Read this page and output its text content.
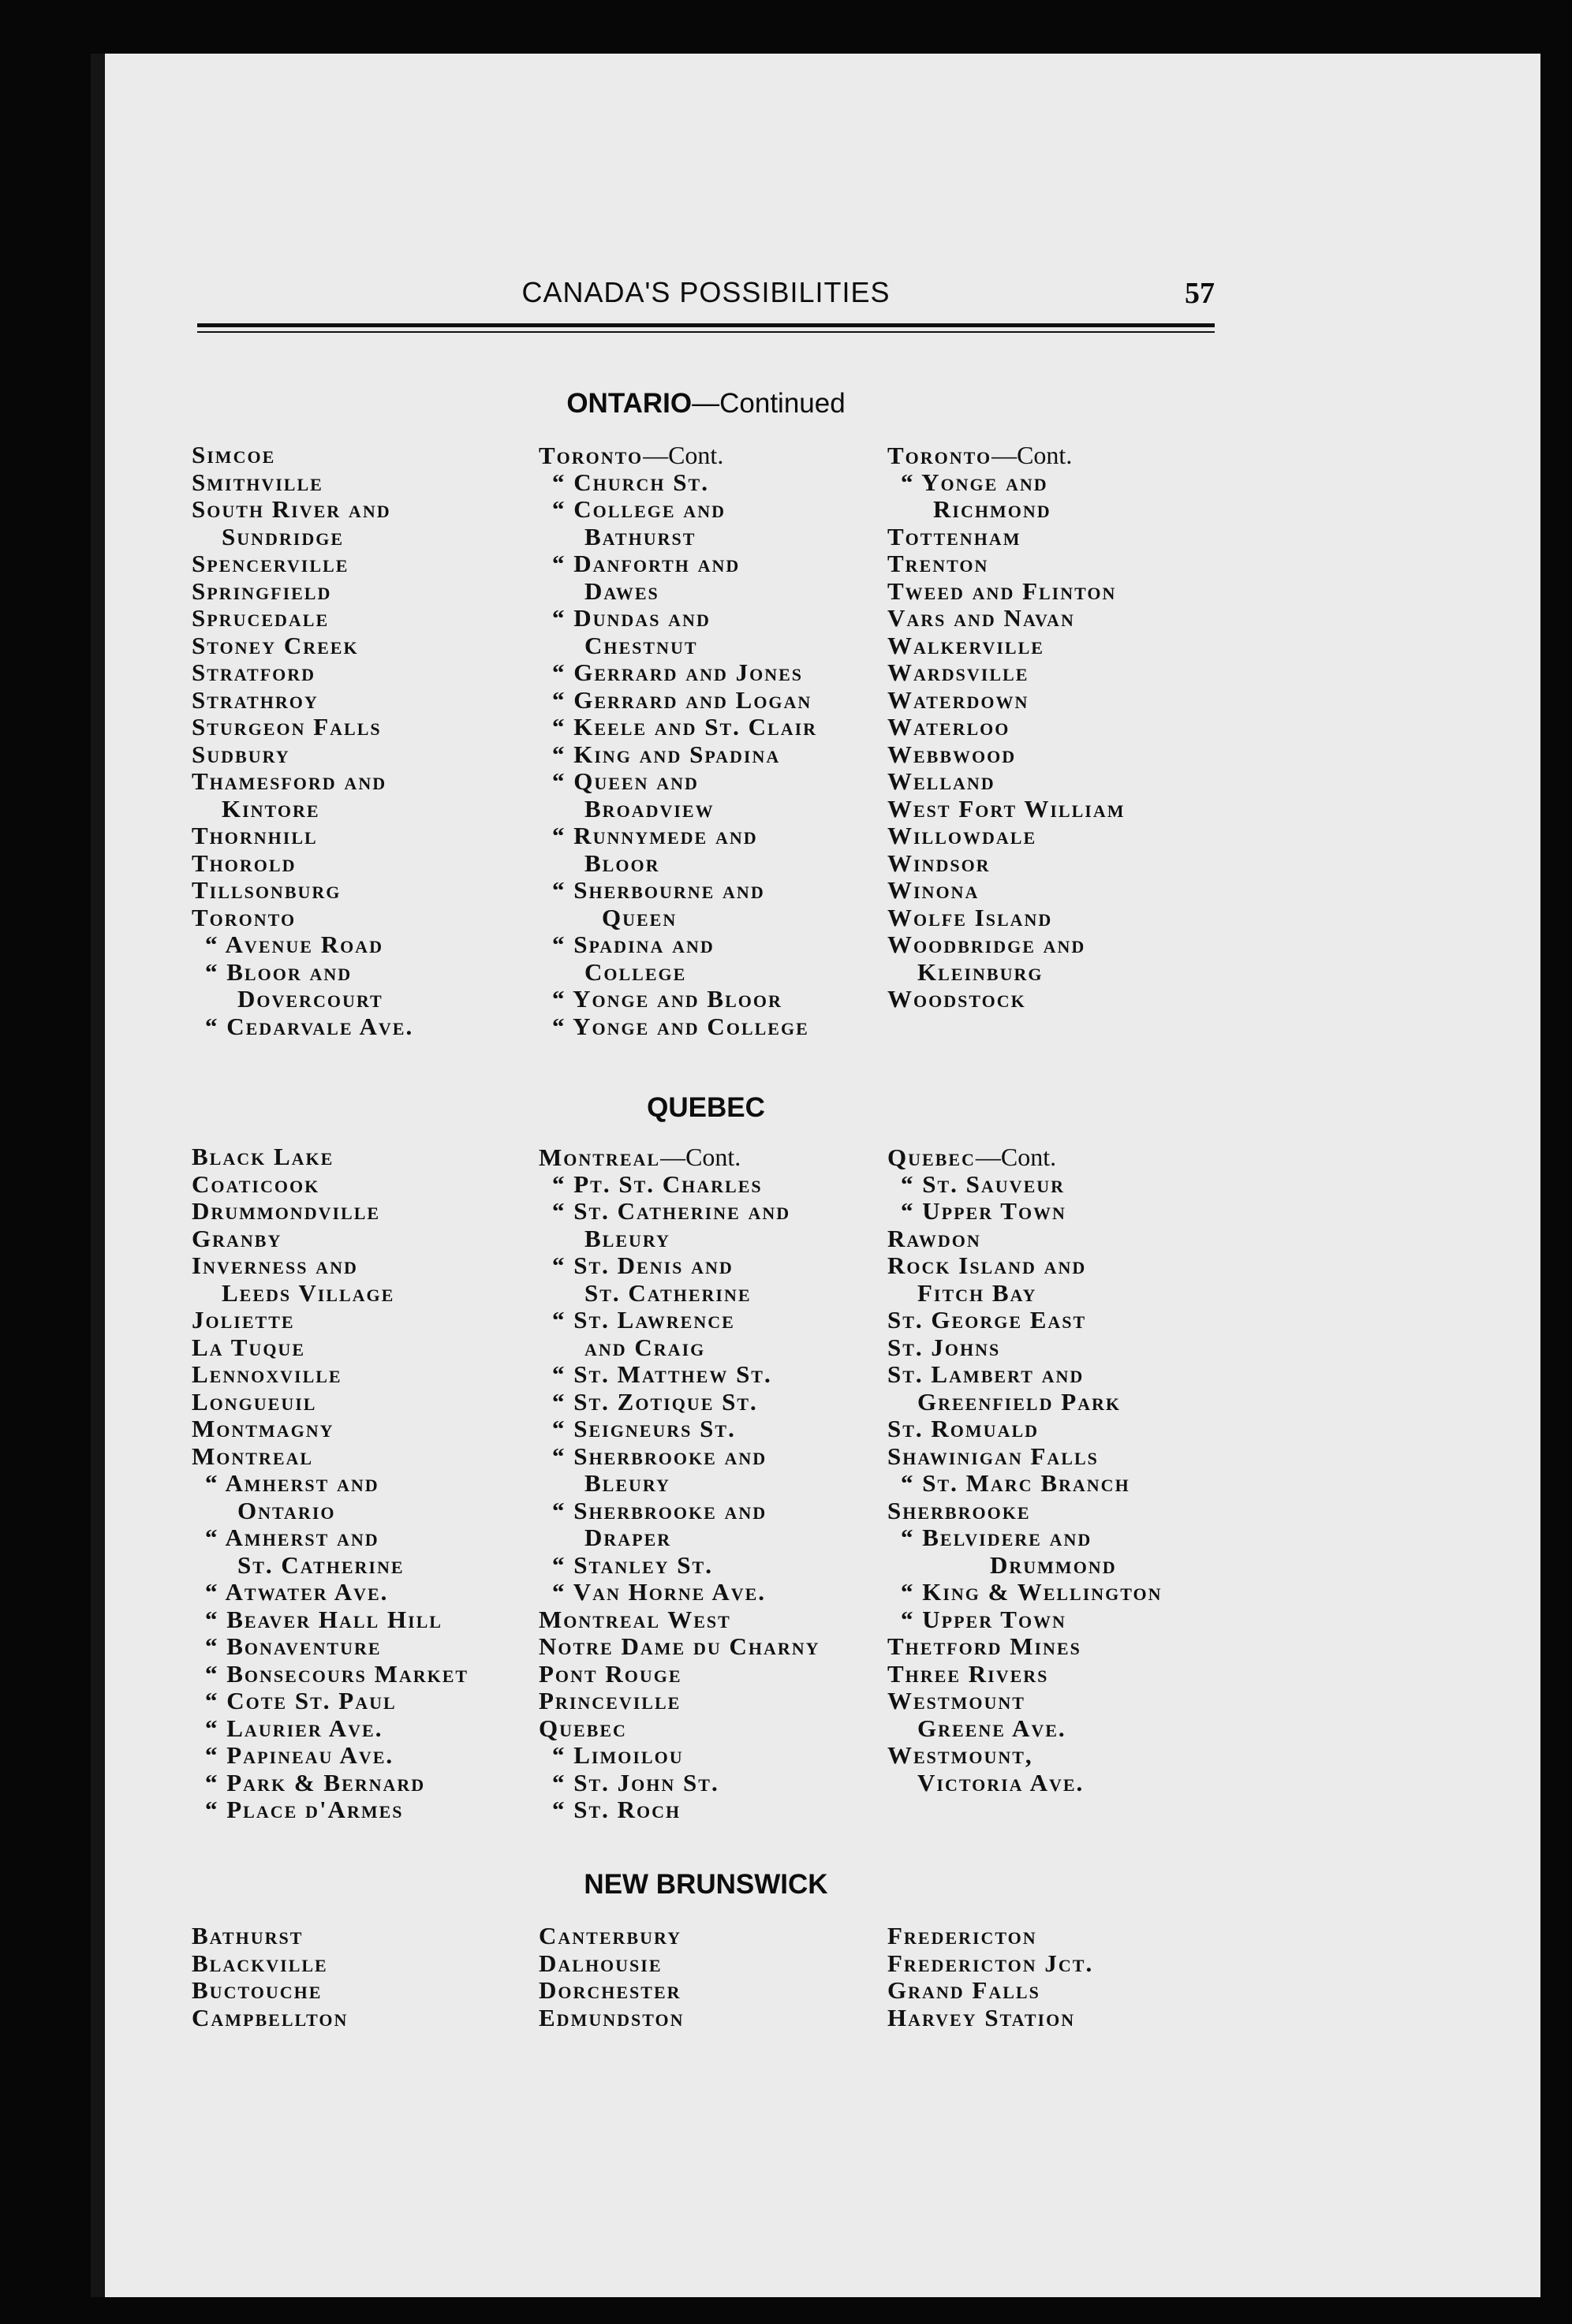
CANADA'S POSSIBILITIES	57
ONTARIO—Continued
Simcoe
Smithville
South River and
Sundridge
Spencerville
Springfield
Sprucedale
Stoney Creek
Stratford
Strathroy
Sturgeon Falls
Sudbury
Thamesford and
Kintore
Thornhill
Thorold
Tillsonburg
Toronto
“ Avenue Road
“ Bloor and
Dovercourt
“ Cedarvale Ave.
Toronto—Cont.
“ Church St.
“ College and
Bathurst
“ Danforth and
Dawes
“ Dundas and
Chestnut
“ Gerrard and Jones
“ Gerrard and Logan
“ Keele and St. Clair
“ King and Spadina
“ Queen and
Broadview
“ Runnymede and
Bloor
“ Sherbourne and
Queen
“ Spadina and
College
“ Yonge and Bloor
“ Yonge and College
Toronto—Cont.
“ Yonge and
Richmond
Tottenham
Trenton
Tweed and Flinton
Vars and Navan
Walkerville
Wardsville
Waterdown
Waterloo
Webbwood
Welland
West Fort William
Willowdale
Windsor
Winona
Wolfe Island
Woodbridge and
Kleinburg
Woodstock
QUEBEC
Black Lake
Coaticook
Drummondville
Granby
Inverness and
Leeds Village
Joliette
La Tuque
Lennoxville
Longueuil
Montmagny
Montreal
“ Amherst and
Ontario
“ Amherst and
St. Catherine
“ Atwater Ave.
“ Beaver Hall Hill
“ Bonaventure
“ Bonsecours Market
“ Cote St. Paul
“ Laurier Ave.
“ Papineau Ave.
“ Park & Bernard
“ Place d'Armes
Montreal—Cont.
“ Pt. St. Charles
“ St. Catherine and
Bleury
“ St. Denis and
St. Catherine
“ St. Lawrence
and Craig
“ St. Matthew St.
“ St. Zotique St.
“ Seigneurs St.
“ Sherbrooke and
Bleury
“ Sherbrooke and
Draper
“ Stanley St.
“ Van Horne Ave.
Montreal West
Notre Dame du Charny
Pont Rouge
Princeville
Quebec
“ Limoilou
“ St. John St.
“ St. Roch
Quebec—Cont.
“ St. Sauveur
“ Upper Town
Rawdon
Rock Island and
Fitch Bay
St. George East
St. Johns
St. Lambert and
Greenfield Park
St. Romuald
Shawinigan Falls
“ St. Marc Branch
Sherbrooke
“ Belvidere and
Drummond
“ King & Wellington
“ Upper Town
Thetford Mines
Three Rivers
Westmount
Greene Ave.
Westmount,
Victoria Ave.
NEW BRUNSWICK
Bathurst
Blackville
Buctouche
Campbellton
Canterbury
Dalhousie
Dorchester
Edmundston
Fredericton
Fredericton Jct.
Grand Falls
Harvey Station
